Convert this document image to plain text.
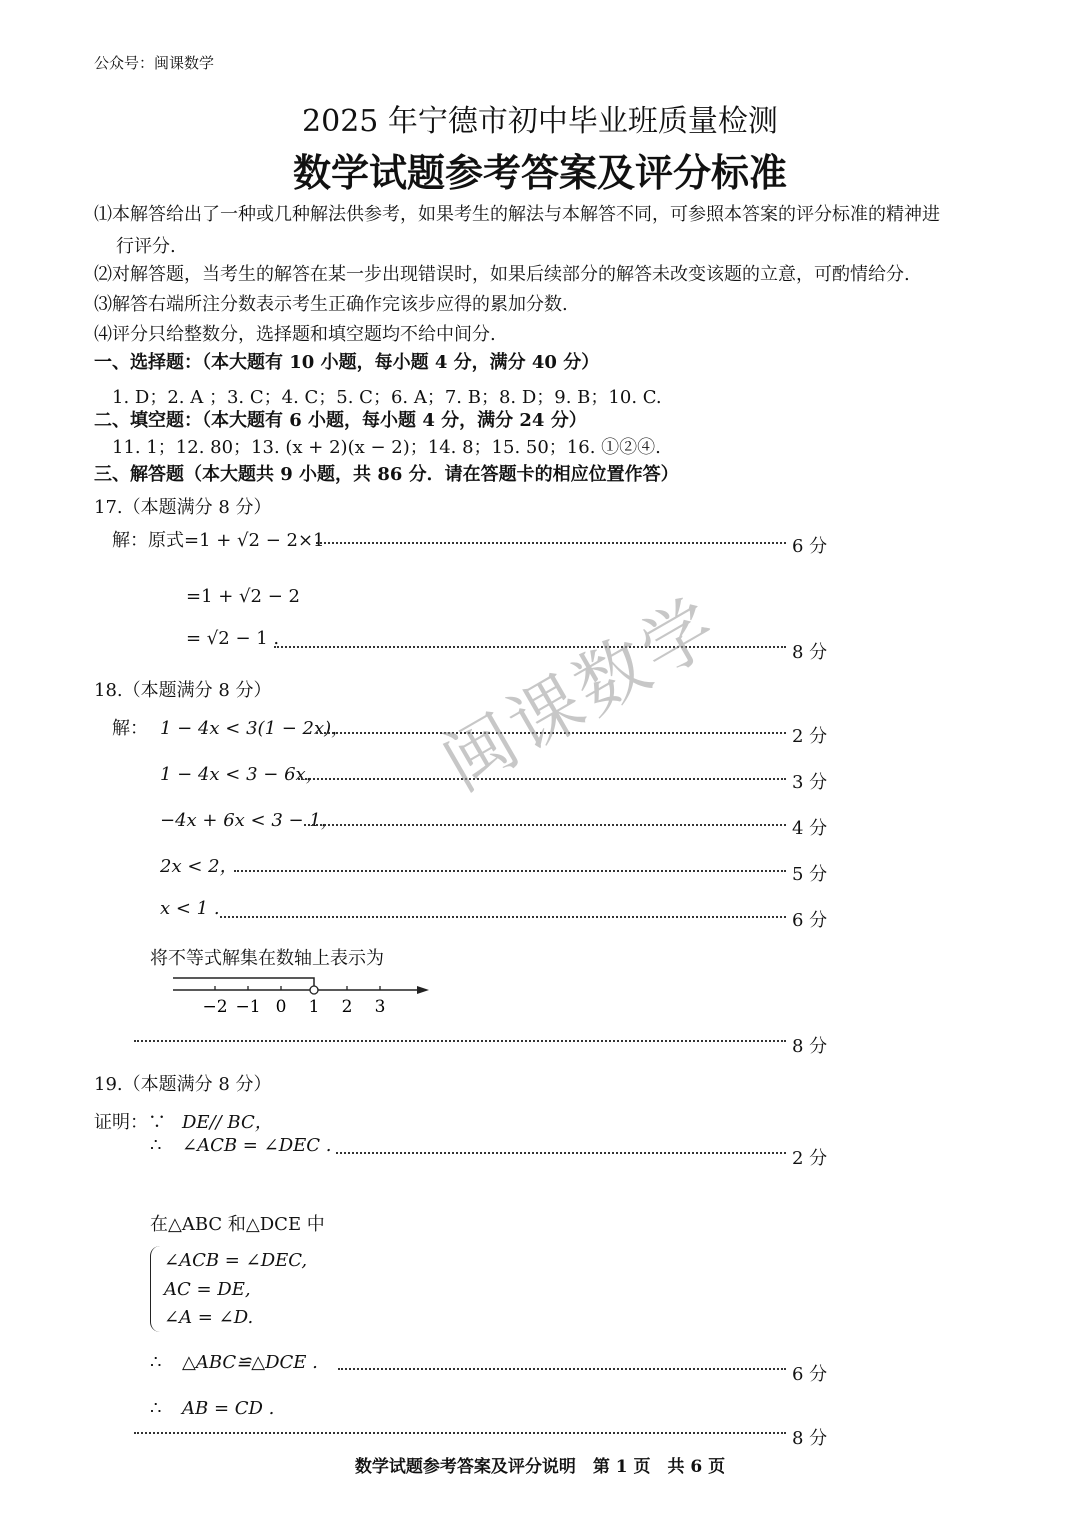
公众号：闽课数学
2025 年宁德市初中毕业班质量检测
数学试题参考答案及评分标准
⑴本解答给出了一种或几种解法供参考，如果考生的解法与本解答不同，可参照本答案的评分标准的精神进
行评分.
⑵对解答题，当考生的解答在某一步出现错误时，如果后续部分的解答未改变该题的立意，可酌情给分.
⑶解答右端所注分数表示考生正确作完该步应得的累加分数.
⑷评分只给整数分，选择题和填空题均不给中间分.
一、选择题：（本大题有 10 小题，每小题 4 分，满分 40 分）
1. D；2. A ；3. C；4. C；5. C；6. A；7. B；8. D；9. B；10. C.
二、填空题：（本大题有 6 小题，每小题 4 分，满分 24 分）
11. 1；12. 80；13. (x + 2)(x − 2)；14. 8；15. 50；16. ①②④.
三、解答题（本大题共 9 小题，共 86 分．请在答题卡的相应位置作答）
17.（本题满分 8 分）
解：原式=1 + √2 − 2×1	6 分
=1 + √2 − 2
= √2 − 1 .
8 分
18.（本题满分 8 分）
解： 1 − 4x < 3(1 − 2x)，	2 分
1 − 4x < 3 − 6x，	3 分
−4x + 6x < 3 − 1，	4 分
2x < 2，	5 分
x < 1 .
6 分
将不等式解集在数轴上表示为
−2 −1 0 1 2 3
8 分
19.（本题满分 8 分）
证明：∵ DE// BC，
∴ ∠ACB = ∠DEC .
2 分
在△ABC 和△DCE 中
∠ACB = ∠DEC,
AC = DE,
∠A = ∠D.
∴ △ABC≌△DCE .
6 分
∴ AB = CD .
8 分
数学试题参考答案及评分说明　第 1 页　共 6 页
闽课数学
